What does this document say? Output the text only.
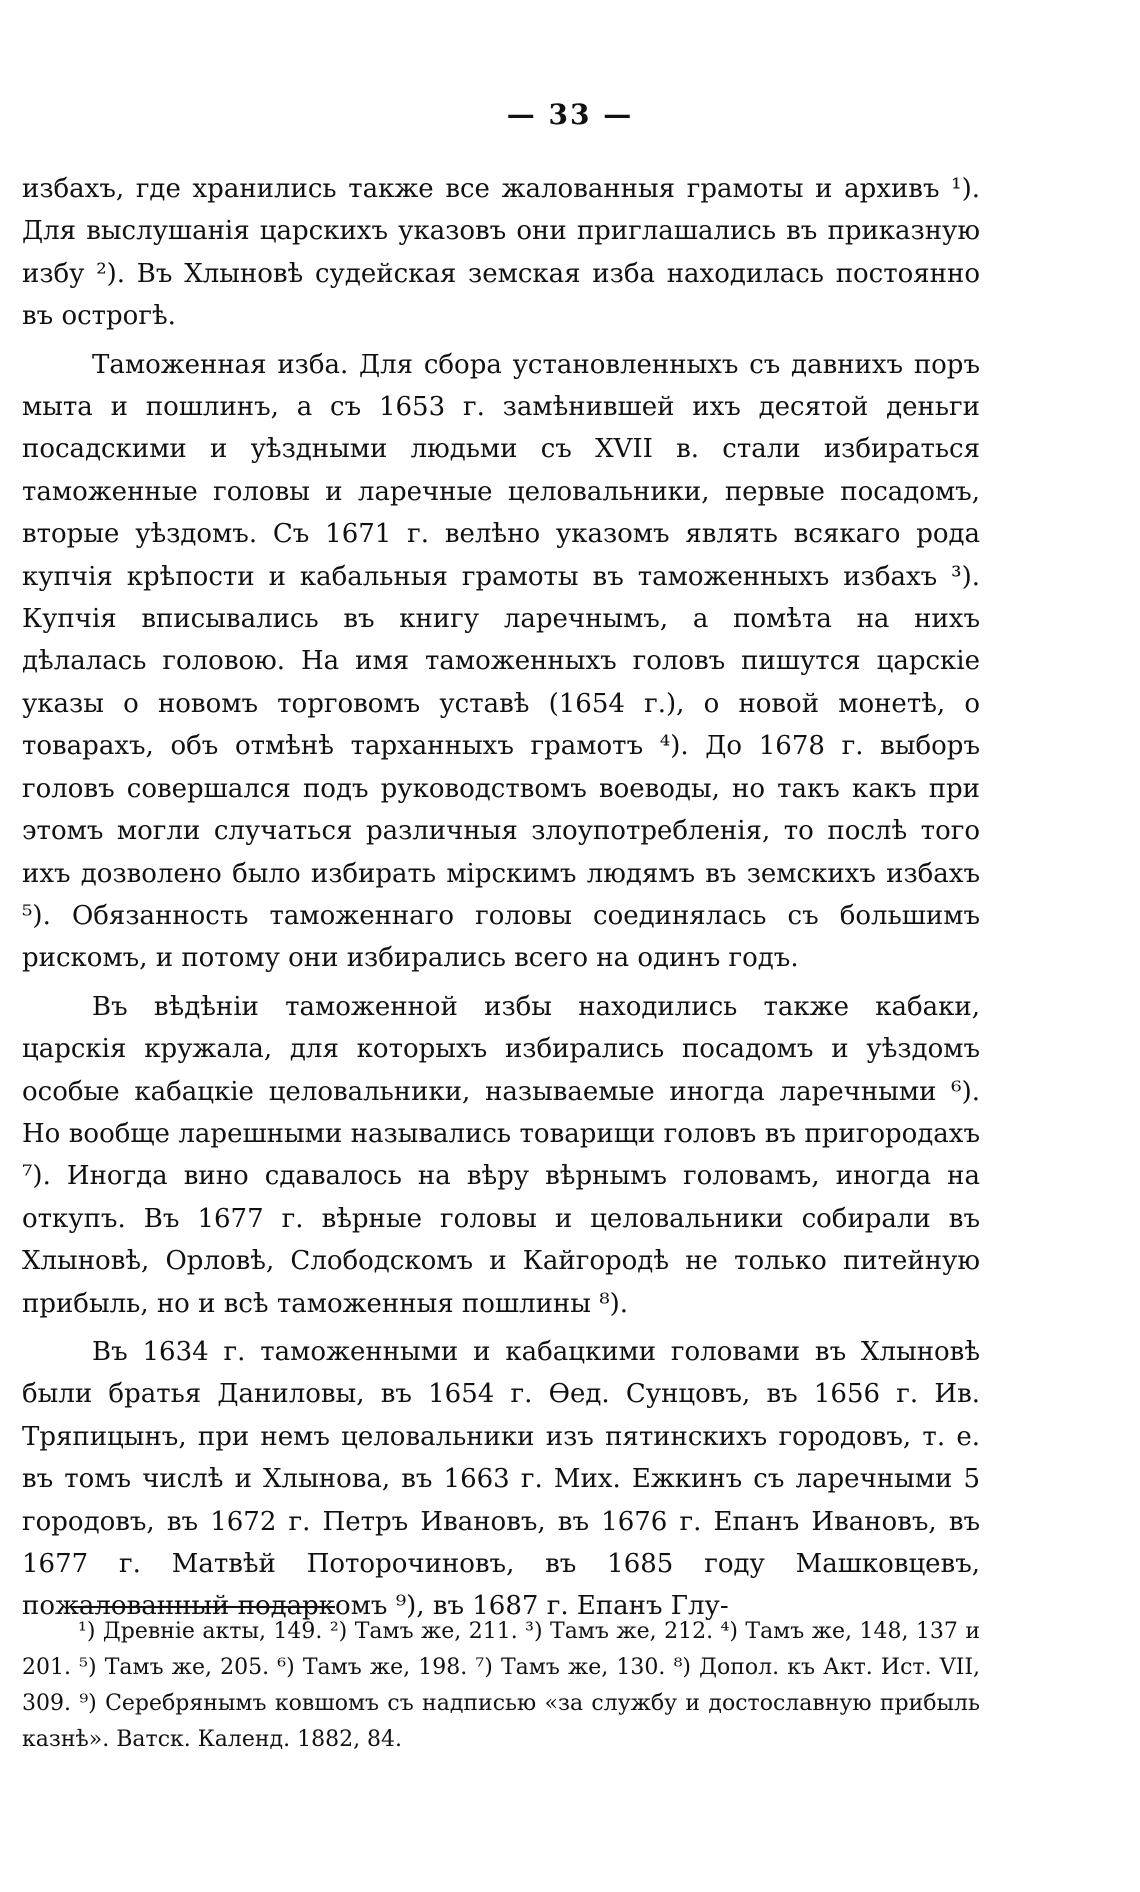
— 33 —

избахъ, где хранились также все жалованныя грамоты и архивъ ¹). Для выслушанія царскихъ указовъ они приглашались въ приказную избу ²). Въ Хлыновѣ судейская земская изба находилась постоянно въ острогѣ.

Таможенная изба. Для сбора установленныхъ съ давнихъ поръ мыта и пошлинъ, а съ 1653 г. замѣнившей ихъ десятой деньги посадскими и уѣздными людьми съ XVII в. стали избираться таможенные головы и ларечные целовальники, первые посадомъ, вторые уѣздомъ. Съ 1671 г. велѣно указомъ являть всякаго рода купчія крѣпости и кабальныя грамоты въ таможенныхъ избахъ ³). Купчія вписывались въ книгу ларечнымъ, а помѣта на нихъ дѣлалась головою. На имя таможенныхъ головъ пишутся царскіе указы о новомъ торговомъ уставѣ (1654 г.), о новой монетѣ, о товарахъ, объ отмѣнѣ тарханныхъ грамотъ ⁴). До 1678 г. выборъ головъ совершался подъ руководствомъ воеводы, но такъ какъ при этомъ могли случаться различныя злоупотребленія, то послѣ того ихъ дозволено было избирать мірскимъ людямъ въ земскихъ избахъ ⁵). Обязанность таможеннаго головы соединялась съ большимъ рискомъ, и потому они избирались всего на одинъ годъ.

Въ вѣдѣніи таможенной избы находились также кабаки, царскія кружала, для которыхъ избирались посадомъ и уѣздомъ особые кабацкіе целовальники, называемые иногда ларечными ⁶). Но вообще ларешными назывались товарищи головъ въ пригородахъ ⁷). Иногда вино сдавалось на вѣру вѣрнымъ головамъ, иногда на откупъ. Въ 1677 г. вѣрные головы и целовальники собирали въ Хлыновѣ, Орловѣ, Слободскомъ и Кайгородѣ не только питейную прибыль, но и всѣ таможенныя пошлины ⁸).

Въ 1634 г. таможенными и кабацкими головами въ Хлыновѣ были братья Даниловы, въ 1654 г. Ѳед. Сунцовъ, въ 1656 г. Ив. Тряпицынъ, при немъ целовальники изъ пятинскихъ городовъ, т. е. въ томъ числѣ и Хлынова, въ 1663 г. Мих. Ежкинъ съ ларечными 5 городовъ, въ 1672 г. Петръ Ивановъ, въ 1676 г. Епанъ Ивановъ, въ 1677 г. Матвѣй Поторочиновъ, въ 1685 году Машковцевъ, пожалованный подаркомъ ⁹), въ 1687 г. Епанъ Глу-

¹) Древніе акты, 149. ²) Тамъ же, 211. ³) Тамъ же, 212. ⁴) Тамъ же, 148, 137 и 201. ⁵) Тамъ же, 205. ⁶) Тамъ же, 198. ⁷) Тамъ же, 130. ⁸) Допол. къ Акт. Ист. VII, 309. ⁹) Серебрянымъ ковшомъ съ надписью «за службу и достославную прибыль казнѣ». Ватск. Календ. 1882, 84.
